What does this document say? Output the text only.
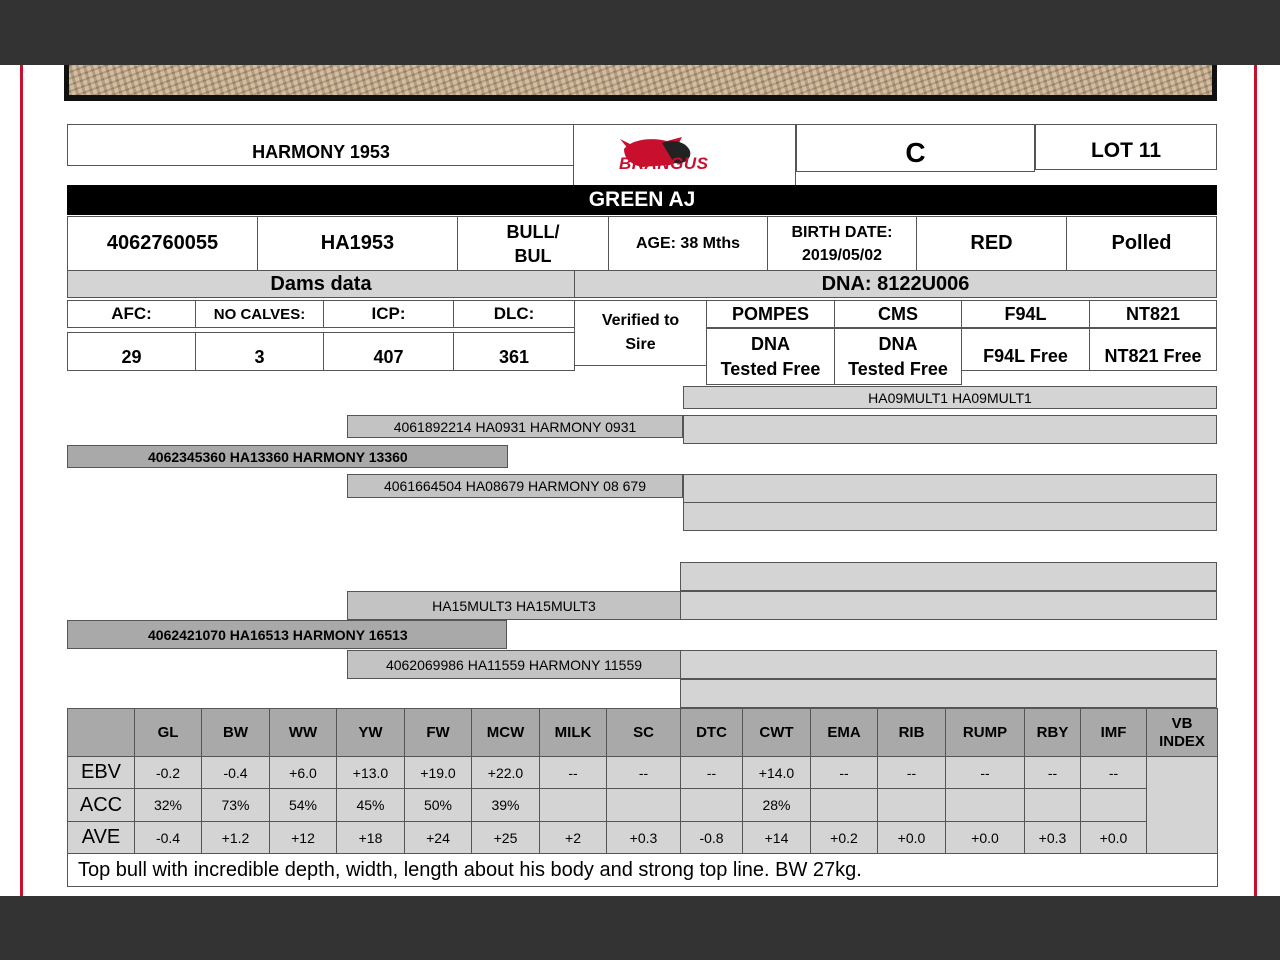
HARMONY 1953
BRANGUS	C	LOT 11
GREEN AJ
4062760055	HA1953
BULL/
BUL
AGE: 38 Mths
BIRTH DATE:
2019/05/02
RED	Polled
Dams data	DNA: 8122U006
AFC:	NO CALVES:	ICP:	DLC:
29	3	407	361
Verified to
Sire
POMPES	CMS	F94L	NT821
DNA
Tested Free
DNA
Tested Free
F94L Free	NT821 Free
HA09MULT1 HA09MULT1
4061892214 HA0931 HARMONY 0931
4062345360 HA13360 HARMONY 13360
4061664504 HA08679 HARMONY 08 679
HA15MULT3 HA15MULT3
4062421070 HA16513 HARMONY 16513
4062069986 HA11559 HARMONY 11559
	GL	BW	WW	YW	FW	MCW	MILK	SC	DTC	CWT	EMA	RIB	RUMP	RBY	IMF	VB
INDEX
EBV	-0.2	-0.4	+6.0	+13.0	+19.0	+22.0	--	--	--	+14.0	--	--	--	--	--	
ACC	32%	73%	54%	45%	50%	39%				28%						
AVE	-0.4	+1.2	+12	+18	+24	+25	+2	+0.3	-0.8	+14	+0.2	+0.0	+0.0	+0.3	+0.0	
Top bull with incredible depth, width, length about his body and strong top line. BW 27kg.																
